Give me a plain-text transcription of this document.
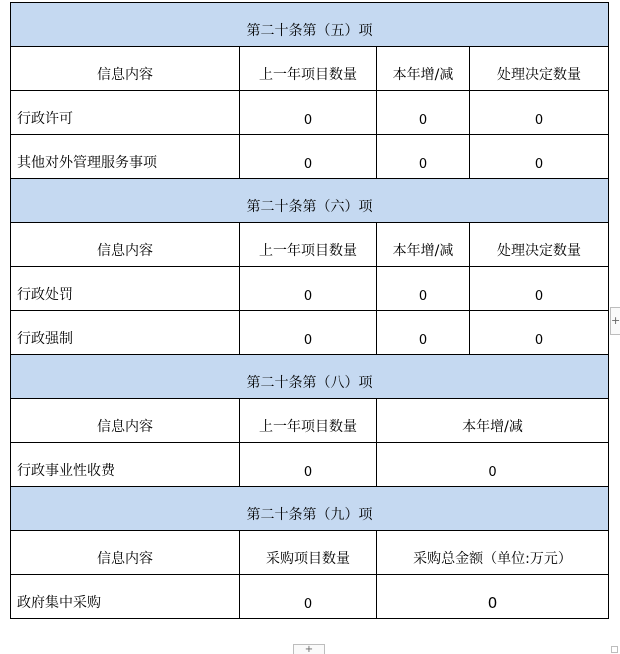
第二十条第（五）项			
信息内容	上一年项目数量	本年增/减	处理决定数量
行政许可	0	0	0
其他对外管理服务事项	0	0	0
第二十条第（六）项			
信息内容	上一年项目数量	本年增/减	处理决定数量
行政处罚	0	0	0
行政强制	0	0	0
第二十条第（八）项			
信息内容	上一年项目数量	本年增/减	
行政事业性收费	0	0	
第二十条第（九）项			
信息内容	采购项目数量	采购总金额（单位:万元）	
政府集中采购	0	0	
+
+
